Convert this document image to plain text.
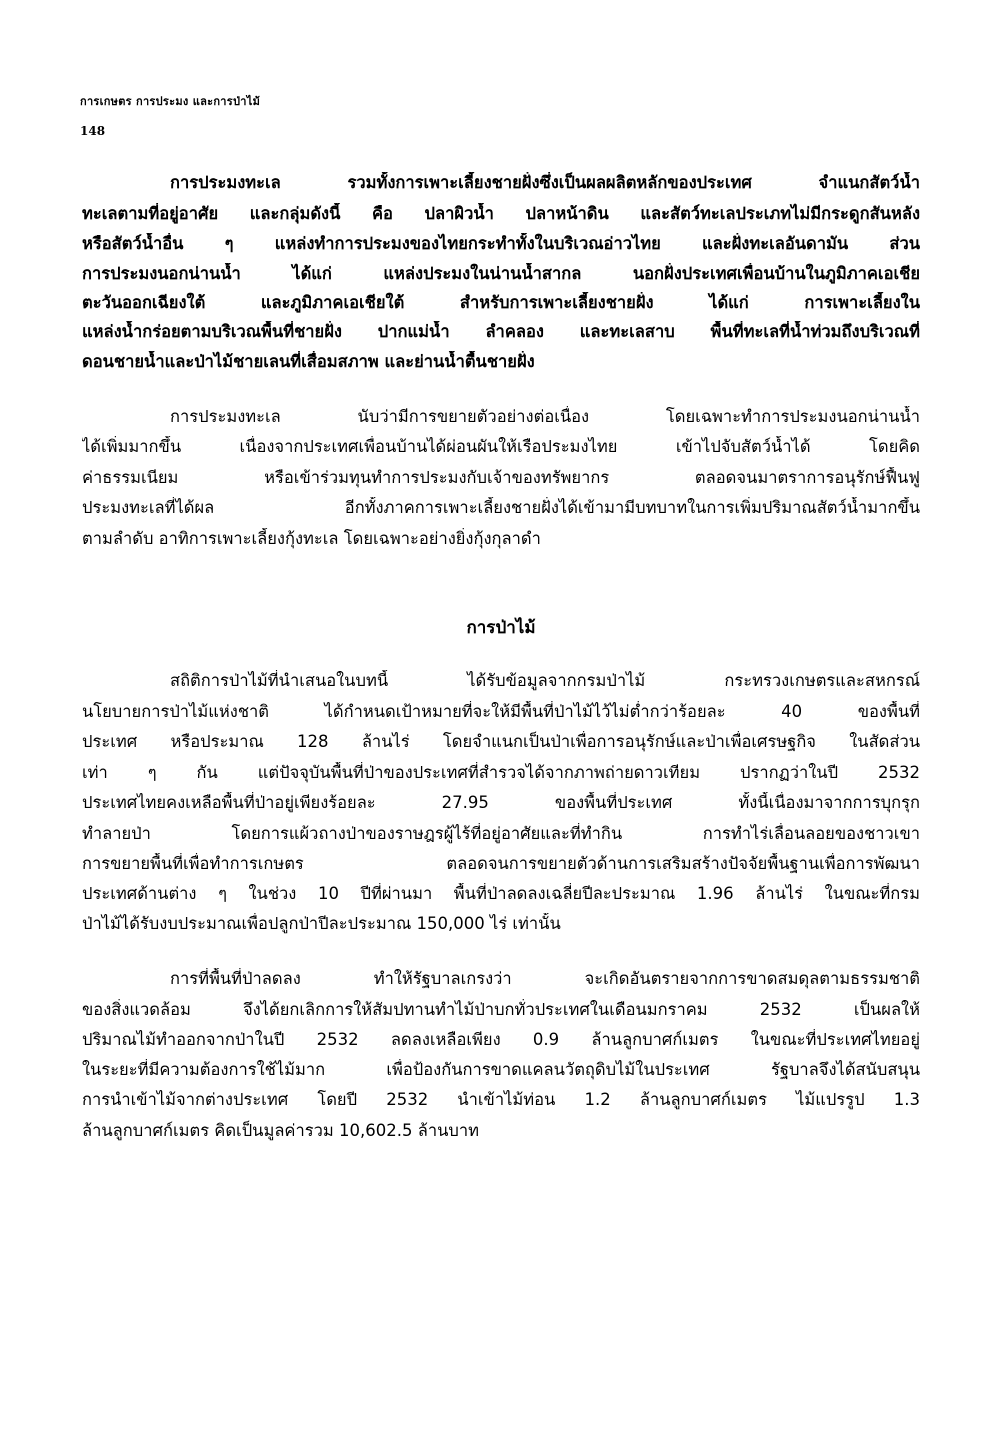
การเกษตร การประมง และการป่าไม้
148
การประมงทะเล รวมทั้งการเพาะเลี้ยงชายฝั่งซึ่งเป็นผลผลิตหลักของประเทศ จำแนกสัตว์น้ำ
ทะเลตามที่อยู่อาศัย และกลุ่มดังนี้ คือ ปลาผิวน้ำ ปลาหน้าดิน และสัตว์ทะเลประเภทไม่มีกระดูกสันหลัง
หรือสัตว์น้ำอื่น ๆ แหล่งทำการประมงของไทยกระทำทั้งในบริเวณอ่าวไทย และฝั่งทะเลอันดามัน ส่วน
การประมงนอกน่านน้ำ ได้แก่ แหล่งประมงในน่านน้ำสากล นอกฝั่งประเทศเพื่อนบ้านในภูมิภาคเอเชีย
ตะวันออกเฉียงใต้ และภูมิภาคเอเชียใต้ สำหรับการเพาะเลี้ยงชายฝั่ง ได้แก่ การเพาะเลี้ยงใน
แหล่งน้ำกร่อยตามบริเวณพื้นที่ชายฝั่ง ปากแม่น้ำ ลำคลอง และทะเลสาบ พื้นที่ทะเลที่น้ำท่วมถึงบริเวณที่
ดอนชายน้ำและป่าไม้ชายเลนที่เสื่อมสภาพ และย่านน้ำตื้นชายฝั่ง
การประมงทะเล นับว่ามีการขยายตัวอย่างต่อเนื่อง โดยเฉพาะทำการประมงนอกน่านน้ำ
ได้เพิ่มมากขึ้น เนื่องจากประเทศเพื่อนบ้านได้ผ่อนผันให้เรือประมงไทย เข้าไปจับสัตว์น้ำได้ โดยคิด
ค่าธรรมเนียม หรือเข้าร่วมทุนทำการประมงกับเจ้าของทรัพยากร ตลอดจนมาตราการอนุรักษ์ฟื้นฟู
ประมงทะเลที่ได้ผล อีกทั้งภาคการเพาะเลี้ยงชายฝั่งได้เข้ามามีบทบาทในการเพิ่มปริมาณสัตว์น้ำมากขึ้น
ตามลำดับ อาทิการเพาะเลี้ยงกุ้งทะเล โดยเฉพาะอย่างยิ่งกุ้งกุลาดำ
การป่าไม้
สถิติการป่าไม้ที่นำเสนอในบทนี้ ได้รับข้อมูลจากกรมป่าไม้ กระทรวงเกษตรและสหกรณ์
นโยบายการป่าไม้แห่งชาติ ได้กำหนดเป้าหมายที่จะให้มีพื้นที่ป่าไม้ไว้ไม่ต่ำกว่าร้อยละ 40 ของพื้นที่
ประเทศ หรือประมาณ 128 ล้านไร่ โดยจำแนกเป็นป่าเพื่อการอนุรักษ์และป่าเพื่อเศรษฐกิจ ในสัดส่วน
เท่า ๆ กัน แต่ปัจจุบันพื้นที่ป่าของประเทศที่สำรวจได้จากภาพถ่ายดาวเทียม ปรากฏว่าในปี 2532
ประเทศไทยคงเหลือพื้นที่ป่าอยู่เพียงร้อยละ 27.95 ของพื้นที่ประเทศ ทั้งนี้เนื่องมาจากการบุกรุก
ทำลายป่า โดยการแผ้วถางป่าของราษฎรผู้ไร้ที่อยู่อาศัยและที่ทำกิน การทำไร่เลื่อนลอยของชาวเขา
การขยายพื้นที่เพื่อทำการเกษตร ตลอดจนการขยายตัวด้านการเสริมสร้างปัจจัยพื้นฐานเพื่อการพัฒนา
ประเทศด้านต่าง ๆ ในช่วง 10 ปีที่ผ่านมา พื้นที่ป่าลดลงเฉลี่ยปีละประมาณ 1.96 ล้านไร่ ในขณะที่กรม
ป่าไม้ได้รับงบประมาณเพื่อปลูกป่าปีละประมาณ 150,000 ไร่ เท่านั้น
การที่พื้นที่ป่าลดลง ทำให้รัฐบาลเกรงว่า จะเกิดอันตรายจากการขาดสมดุลตามธรรมชาติ
ของสิ่งแวดล้อม จึงได้ยกเลิกการให้สัมปทานทำไม้ป่าบกทั่วประเทศในเดือนมกราคม 2532 เป็นผลให้
ปริมาณไม้ทำออกจากป่าในปี 2532 ลดลงเหลือเพียง 0.9 ล้านลูกบาศก์เมตร ในขณะที่ประเทศไทยอยู่
ในระยะที่มีความต้องการใช้ไม้มาก เพื่อป้องกันการขาดแคลนวัตถุดิบไม้ในประเทศ รัฐบาลจึงได้สนับสนุน
การนำเข้าไม้จากต่างประเทศ โดยปี 2532 นำเข้าไม้ท่อน 1.2 ล้านลูกบาศก์เมตร ไม้แปรรูป 1.3
ล้านลูกบาศก์เมตร คิดเป็นมูลค่ารวม 10,602.5 ล้านบาท
